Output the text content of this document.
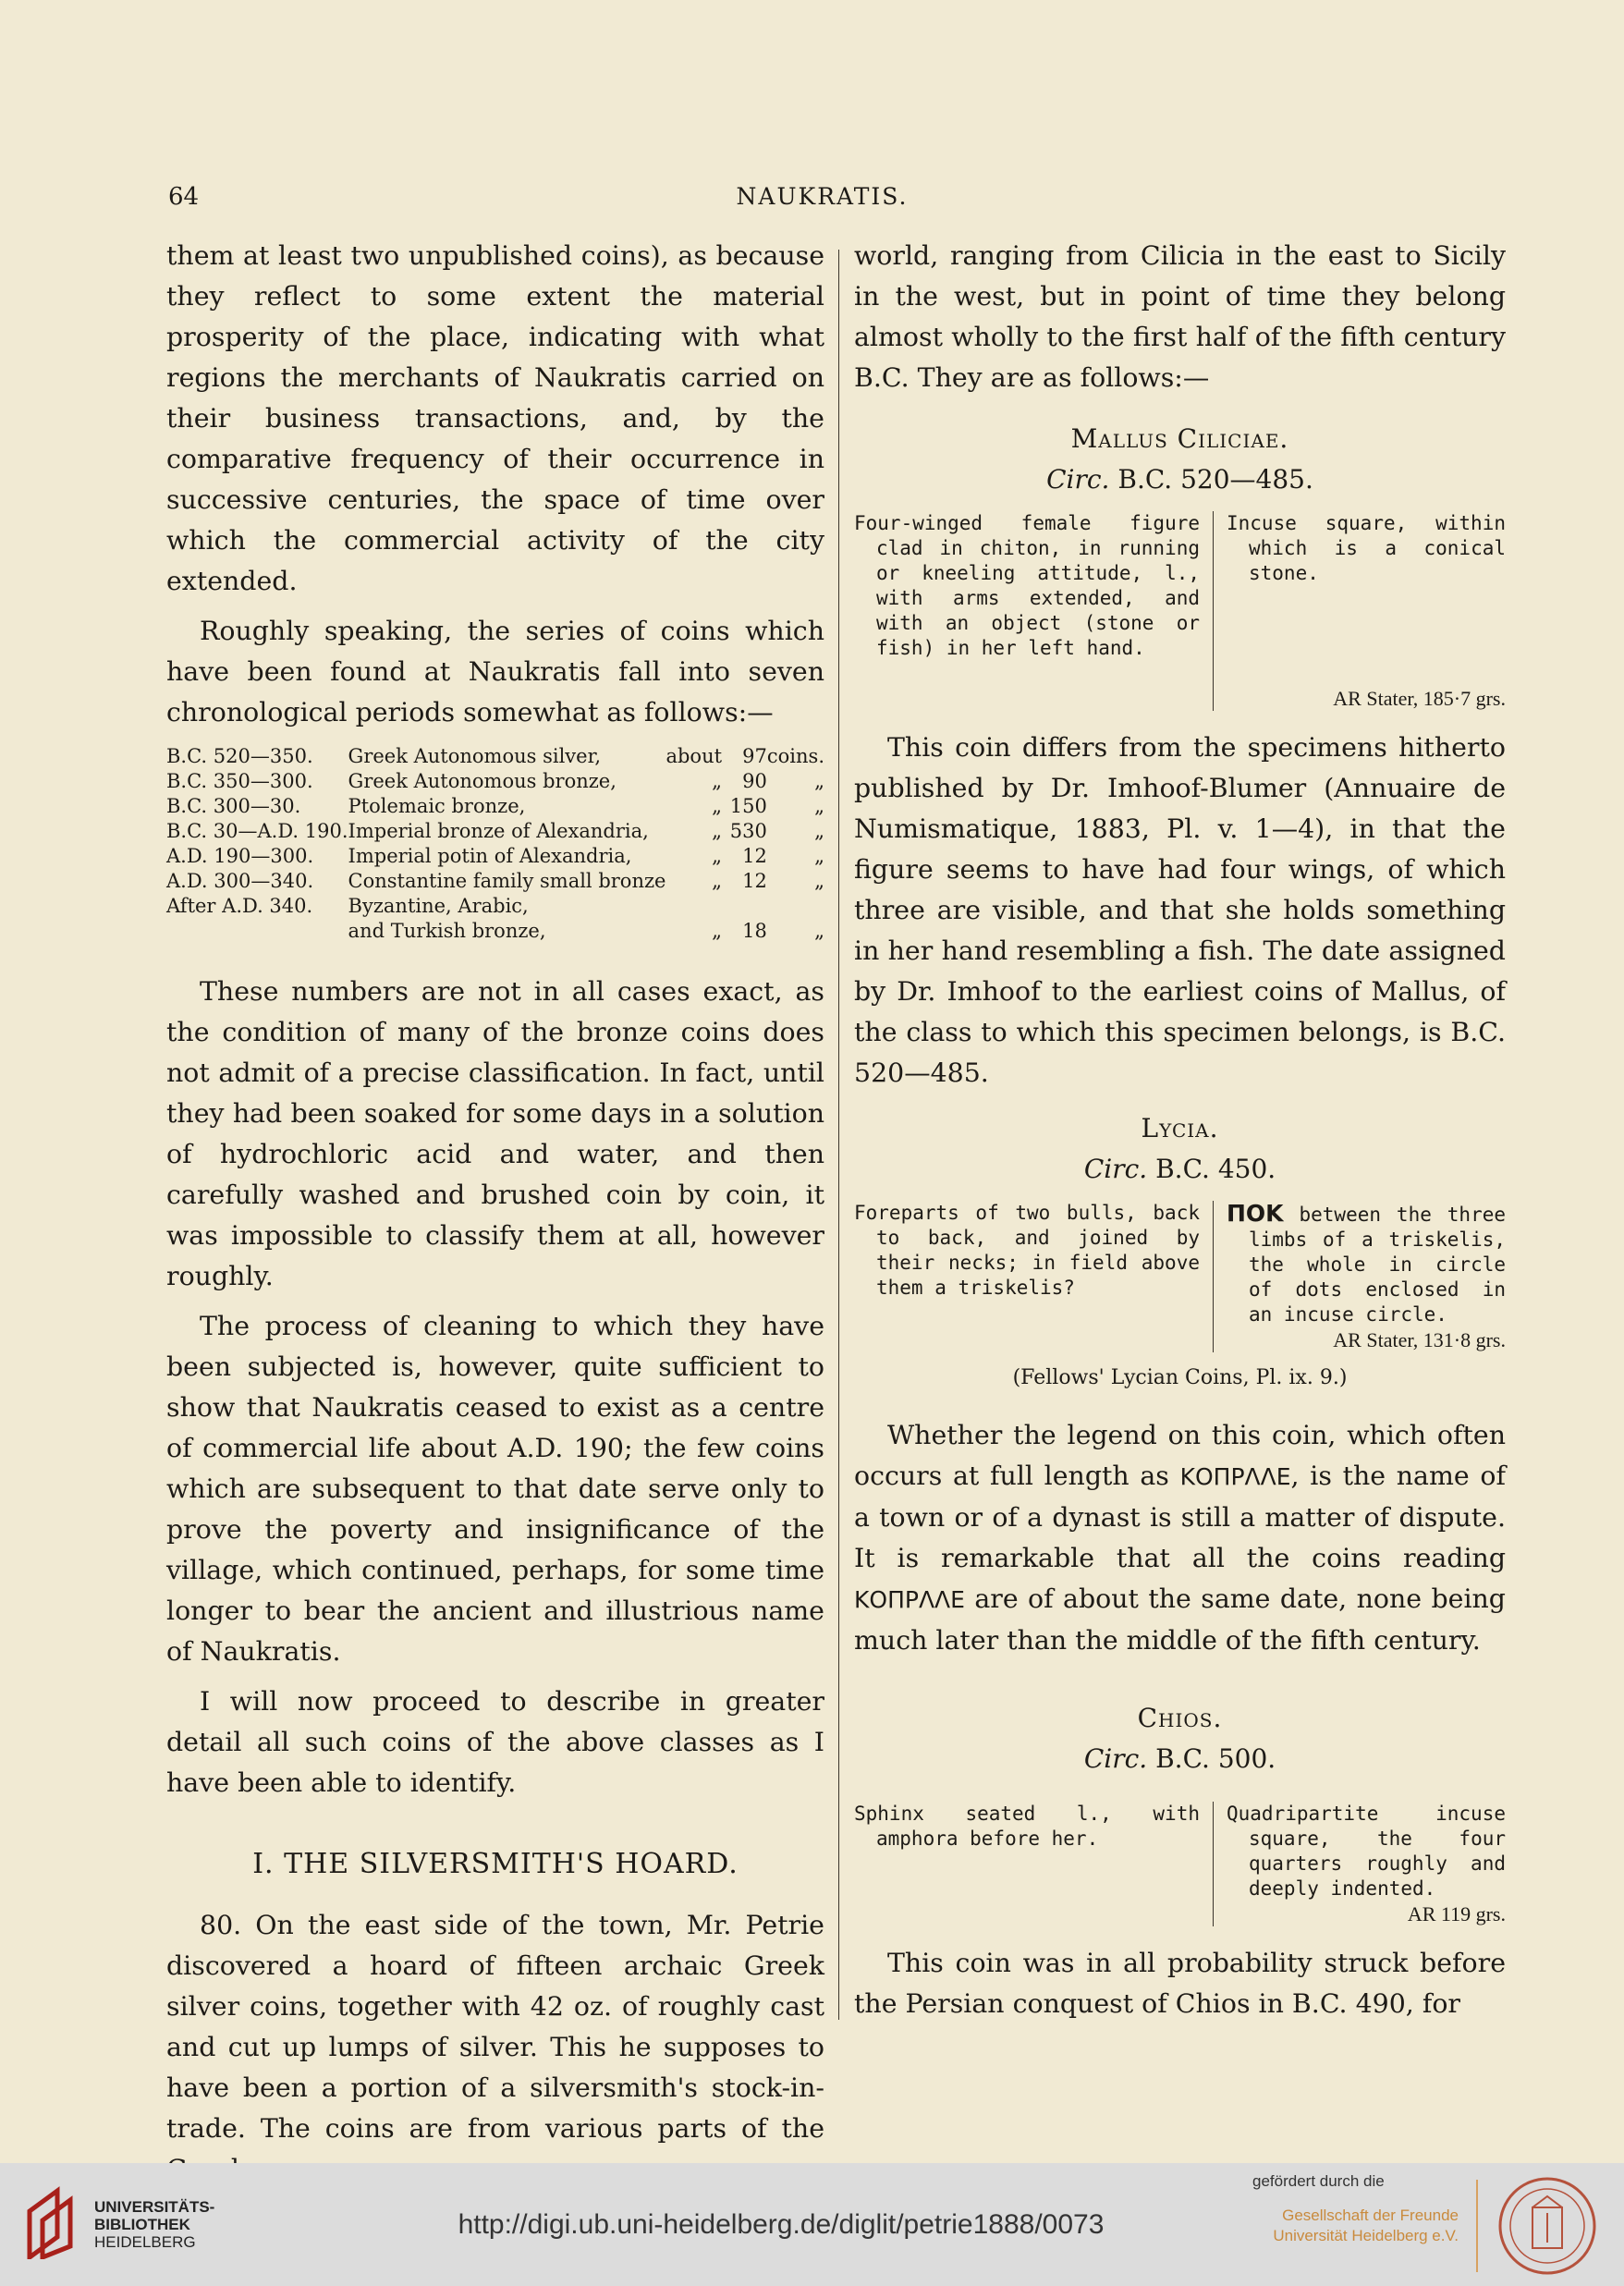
64	NAUKRATIS.

them at least two unpublished coins), as because they reflect to some extent the material prosperity of the place, indicating with what regions the merchants of Naukratis carried on their business transactions, and, by the comparative frequency of their occurrence in successive centuries, the space of time over which the commercial activity of the city extended.

Roughly speaking, the series of coins which have been found at Naukratis fall into seven chronological periods somewhat as follows:—

B.C. 520—350.	Greek Autonomous silver,	about	97	coins.
B.C. 350—300.	Greek Autonomous bronze,	„	90	„
B.C. 300—30.	Ptolemaic bronze,	„	150	„
B.C. 30—A.D. 190.	Imperial bronze of Alexandria,	„	530	„
A.D. 190—300.	Imperial potin of Alexandria,	„	12	„
A.D. 300—340.	Constantine family small bronze	„	12	„
After A.D. 340.	Byzantine, Arabic,			
	and Turkish bronze,	„	18	„

These numbers are not in all cases exact, as the condition of many of the bronze coins does not admit of a precise classification. In fact, until they had been soaked for some days in a solution of hydrochloric acid and water, and then carefully washed and brushed coin by coin, it was impossible to classify them at all, however roughly.

The process of cleaning to which they have been subjected is, however, quite sufficient to show that Naukratis ceased to exist as a centre of commercial life about A.D. 190; the few coins which are subsequent to that date serve only to prove the poverty and insignificance of the village, which continued, perhaps, for some time longer to bear the ancient and illustrious name of Naukratis.

I will now proceed to describe in greater detail all such coins of the above classes as I have been able to identify.

I. THE SILVERSMITH'S HOARD.

80. On the east side of the town, Mr. Petrie discovered a hoard of fifteen archaic Greek silver coins, together with 42 oz. of roughly cast and cut up lumps of silver. This he supposes to have been a portion of a silversmith's stock-in-trade. The coins are from various parts of the

world, ranging from Cilicia in the east to Sicily in the west, but in point of time they belong almost wholly to the first half of the fifth century B.C. They are as follows:—

Mallus Ciliciae.
Circ. B.C. 520—485.
Four-winged female figure clad in chiton, in running or kneeling attitude, l., with arms extended, and with an object (stone or fish) in her left hand.
Incuse square, within which is a conical stone.
AR Stater, 185·7 grs.

This coin differs from the specimens hitherto published by Dr. Imhoof-Blumer (Annuaire de Numismatique, 1883, Pl. v. 1—4), in that the figure seems to have had four wings, of which three are visible, and that she holds something in her hand resembling a fish. The date assigned by Dr. Imhoof to the earliest coins of Mallus, of the class to which this specimen belongs, is B.C. 520—485.

Lycia.
Circ. B.C. 450.
Foreparts of two bulls, back to back, and joined by their necks; in field above them a triskelis?
ΠΟΚ between the three limbs of a triskelis, the whole in circle of dots enclosed in an incuse circle.
AR Stater, 131·8 grs.
(Fellows' Lycian Coins, Pl. ix. 9.)

Whether the legend on this coin, which often occurs at full length as ΚΟΠΡΛΛΕ, is the name of a town or of a dynast is still a matter of dispute. It is remarkable that all the coins reading ΚΟΠΡΛΛΕ are of about the same date, none being much later than the middle of the fifth century.

Chios.
Circ. B.C. 500.
Sphinx seated l., with amphora before her.
Quadripartite incuse square, the four quarters roughly and deeply indented.
AR 119 grs.

This coin was in all probability struck before the Persian conquest of Chios in B.C. 490, for

UNIVERSITÄTS-
BIBLIOTHEK
HEIDELBERG
http://digi.ub.uni-heidelberg.de/diglit/petrie1888/0073
gefördert durch die
Gesellschaft der Freunde
Universität Heidelberg e.V.
